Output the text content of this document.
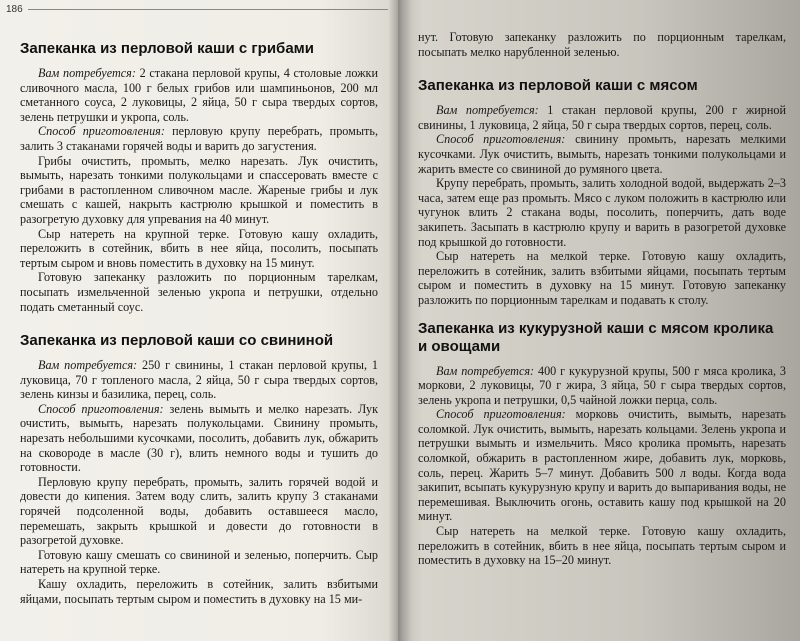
186
Запеканка из перловой каши с грибами

Вам потребуется: 2 стакана перловой крупы, 4 столовые ложки сливочного масла, 100 г белых грибов или шампиньонов, 200 мл сметанного соуса, 2 луковицы, 2 яйца, 50 г сыра твердых сортов, зелень петрушки и укропа, соль.

Способ приготовления: перловую крупу перебрать, промыть, залить 3 стаканами горячей воды и варить до загустения.

Грибы очистить, промыть, мелко нарезать. Лук очистить, вымыть, нарезать тонкими полукольцами и спассеровать вместе с грибами в растопленном сливочном масле. Жареные грибы и лук смешать с кашей, накрыть кастрюлю крышкой и поместить в разогретую духовку для упревания на 40 минут.

Сыр натереть на крупной терке. Готовую кашу охладить, переложить в сотейник, вбить в нее яйца, посолить, посыпать тертым сыром и вновь поместить в духовку на 15 минут.

Готовую запеканку разложить по порционным тарелкам, посыпать измельченной зеленью укропа и петрушки, отдельно подать сметанный соус.

Запеканка из перловой каши со свининой

Вам потребуется: 250 г свинины, 1 стакан перловой крупы, 1 луковица, 70 г топленого масла, 2 яйца, 50 г сыра твердых сортов, зелень кинзы и базилика, перец, соль.

Способ приготовления: зелень вымыть и мелко нарезать. Лук очистить, вымыть, нарезать полукольцами. Свинину промыть, нарезать небольшими кусочками, посолить, добавить лук, обжарить на сковороде в масле (30 г), влить немного воды и тушить до готовности.

Перловую крупу перебрать, промыть, залить горячей водой и довести до кипения. Затем воду слить, залить крупу 3 стаканами горячей подсоленной воды, добавить оставшееся масло, перемешать, закрыть крышкой и довести до готовности в разогретой духовке.

Готовую кашу смешать со свининой и зеленью, поперчить. Сыр натереть на крупной терке.

Кашу охладить, переложить в сотейник, залить взбитыми яйцами, посыпать тертым сыром и поместить в духовку на 15 ми-

нут. Готовую запеканку разложить по порционным тарелкам, посыпать мелко нарубленной зеленью.

Запеканка из перловой каши с мясом

Вам потребуется: 1 стакан перловой крупы, 200 г жирной свинины, 1 луковица, 2 яйца, 50 г сыра твердых сортов, перец, соль.

Способ приготовления: свинину промыть, нарезать мелкими кусочками. Лук очистить, вымыть, нарезать тонкими полукольцами и жарить вместе со свининой до румяного цвета.

Крупу перебрать, промыть, залить холодной водой, выдержать 2–3 часа, затем еще раз промыть. Мясо с луком положить в кастрюлю или чугунок влить 2 стакана воды, посолить, поперчить, дать воде закипеть. Засыпать в кастрюлю крупу и варить в разогретой духовке под крышкой до готовности.

Сыр натереть на мелкой терке. Готовую кашу охладить, переложить в сотейник, залить взбитыми яйцами, посыпать тертым сыром и поместить в духовку на 15 минут. Готовую запеканку разложить по порционным тарелкам и подавать к столу.

Запеканка из кукурузной каши с мясом кролика и овощами

Вам потребуется: 400 г кукурузной крупы, 500 г мяса кролика, 3 моркови, 2 луковицы, 70 г жира, 3 яйца, 50 г сыра твердых сортов, зелень укропа и петрушки, 0,5 чайной ложки перца, соль.

Способ приготовления: морковь очистить, вымыть, нарезать соломкой. Лук очистить, вымыть, нарезать кольцами. Зелень укропа и петрушки вымыть и измельчить. Мясо кролика промыть, нарезать соломкой, обжарить в растопленном жире, добавить лук, морковь, соль, перец. Жарить 5–7 минут. Добавить 500 л воды. Когда вода закипит, всыпать кукурузную крупу и варить до выпаривания воды, не перемешивая. Выключить огонь, оставить кашу под крышкой на 20 минут.

Сыр натереть на мелкой терке. Готовую кашу охладить, переложить в сотейник, вбить в нее яйца, посыпать тертым сыром и поместить в духовку на 15–20 минут.
